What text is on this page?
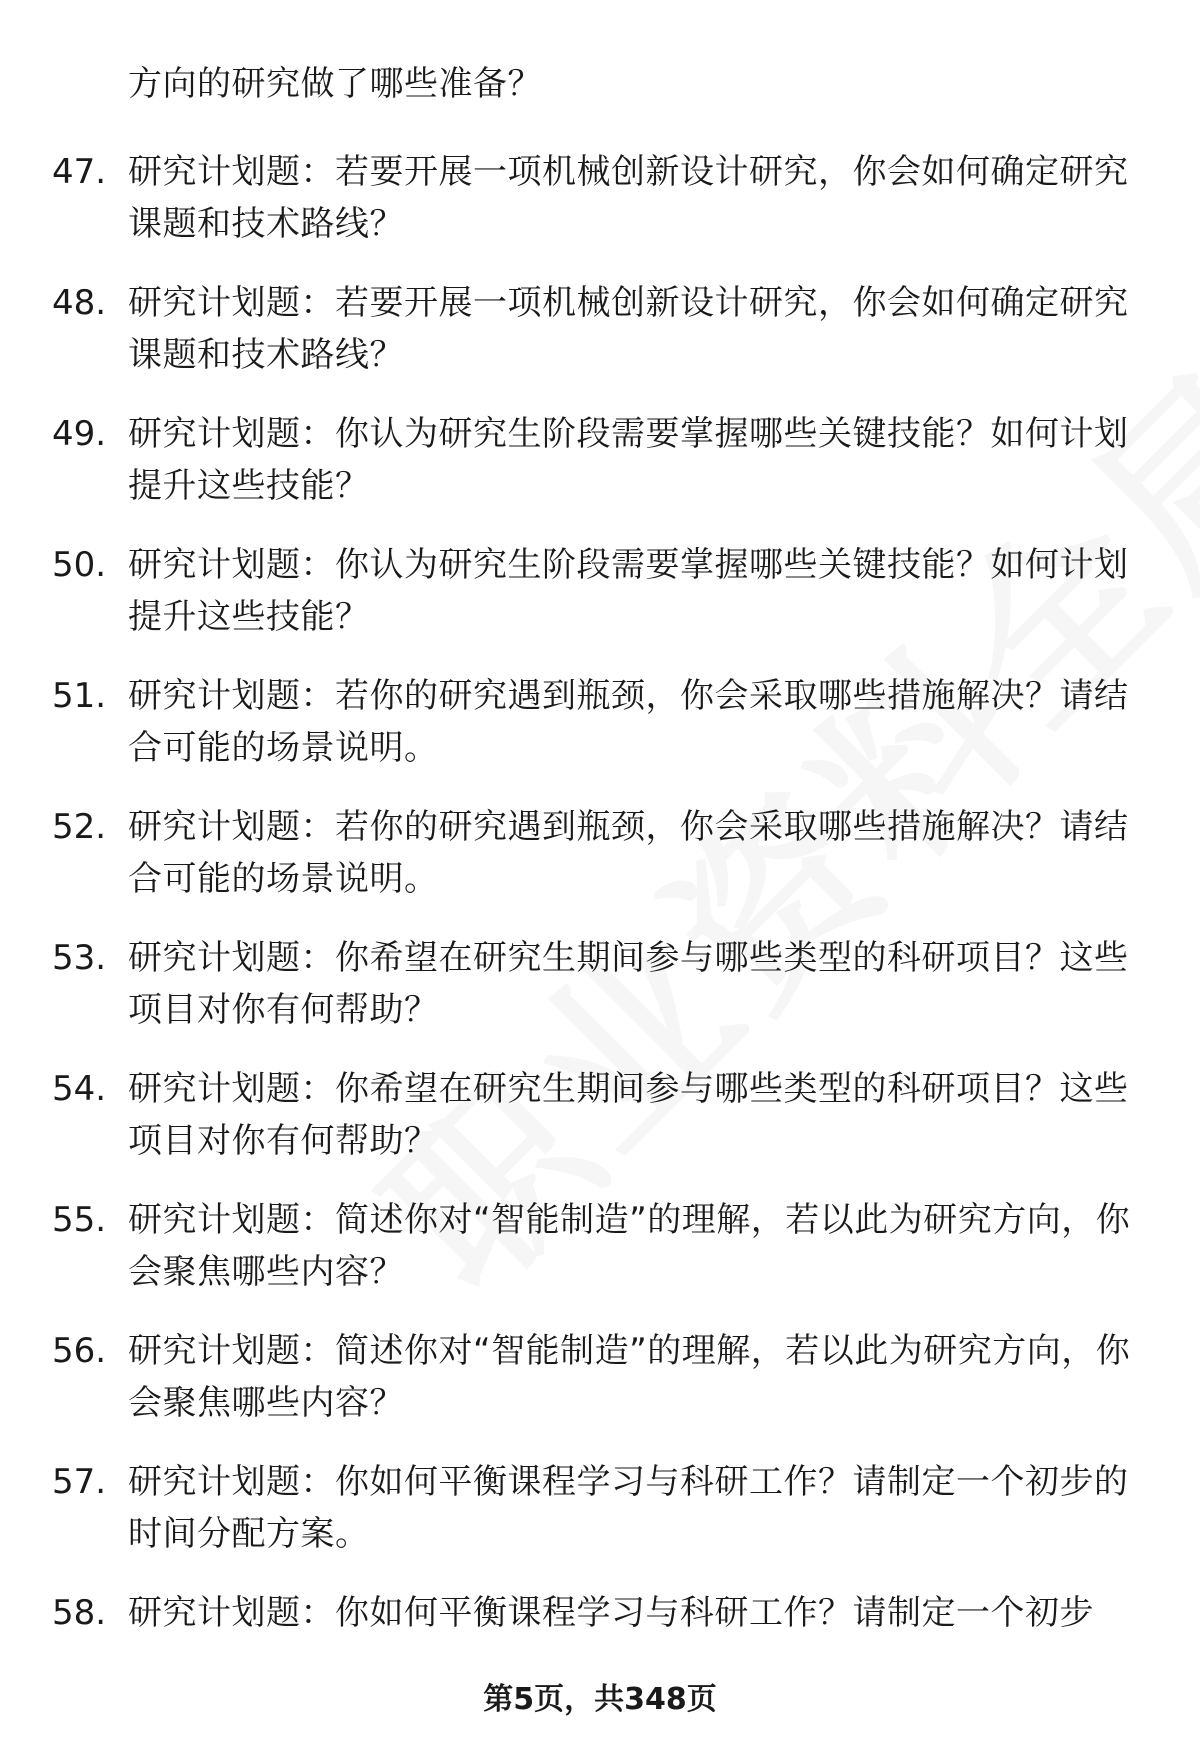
方向的研究做了哪些准备？
47. 研究计划题：若要开展一项机械创新设计研究，你会如何确定研究课题和技术路线？
48. 研究计划题：若要开展一项机械创新设计研究，你会如何确定研究课题和技术路线？
49. 研究计划题：你认为研究生阶段需要掌握哪些关键技能？如何计划提升这些技能？
50. 研究计划题：你认为研究生阶段需要掌握哪些关键技能？如何计划提升这些技能？
51. 研究计划题：若你的研究遇到瓶颈，你会采取哪些措施解决？请结合可能的场景说明。
52. 研究计划题：若你的研究遇到瓶颈，你会采取哪些措施解决？请结合可能的场景说明。
53. 研究计划题：你希望在研究生期间参与哪些类型的科研项目？这些项目对你有何帮助？
54. 研究计划题：你希望在研究生期间参与哪些类型的科研项目？这些项目对你有何帮助？
55. 研究计划题：简述你对“智能制造”的理解，若以此为研究方向，你会聚焦哪些内容？
56. 研究计划题：简述你对“智能制造”的理解，若以此为研究方向，你会聚焦哪些内容？
57. 研究计划题：你如何平衡课程学习与科研工作？请制定一个初步的时间分配方案。
58. 研究计划题：你如何平衡课程学习与科研工作？请制定一个初步
第5页，共348页
